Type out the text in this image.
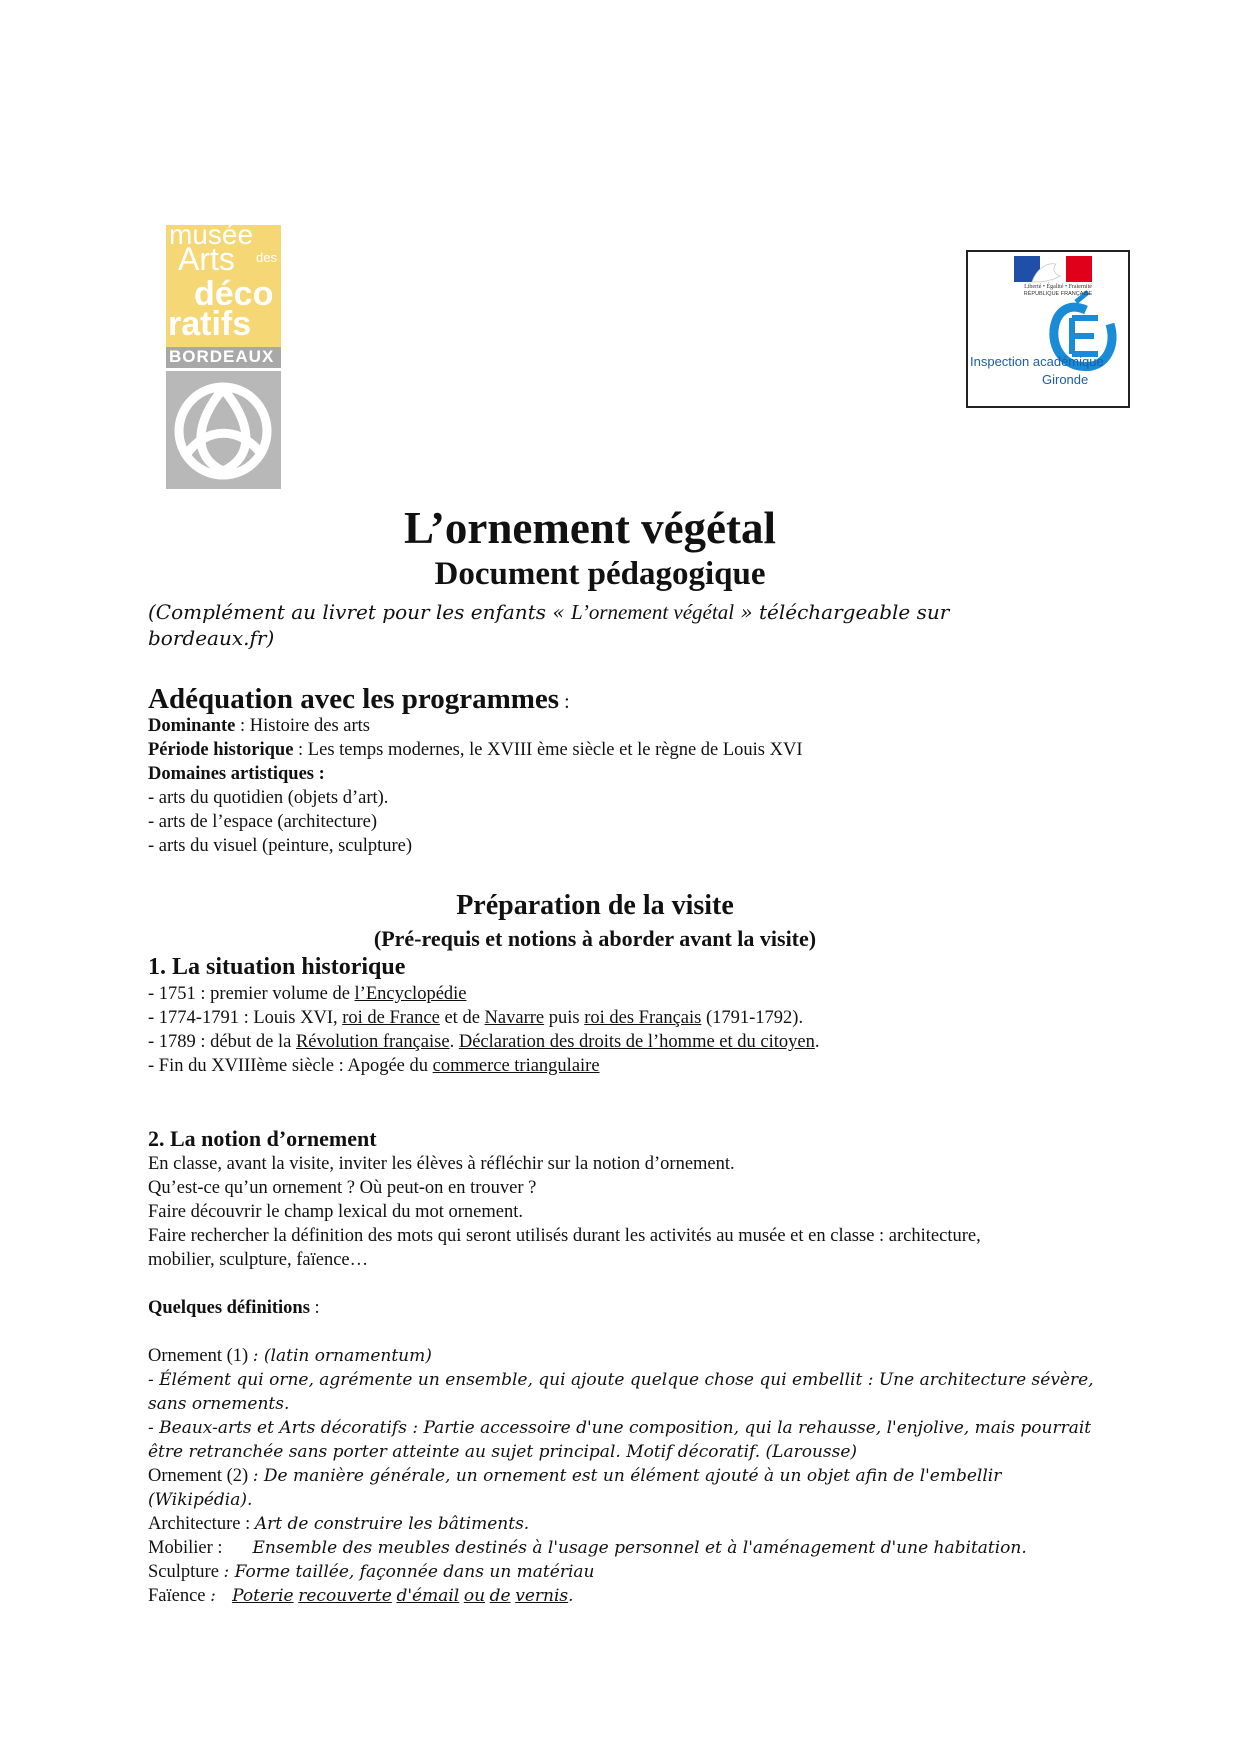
musée
Arts des
déco
ratifs
BORDEAUX
Liberté • Égalité • Fraternité
RÉPUBLIQUE FRANÇAISE
Inspection académique
Gironde
L’ornement végétal
Document pédagogique
(Complément au livret pour les enfants « L’ornement végétal » téléchargeable sur
bordeaux.fr)
Adéquation avec les programmes :
Dominante : Histoire des arts
Période historique : Les temps modernes, le XVIII ème siècle et le règne de Louis XVI
Domaines artistiques :
- arts du quotidien (objets d’art).
- arts de l’espace (architecture)
- arts du visuel (peinture, sculpture)
Préparation de la visite
(Pré-requis et notions à aborder avant la visite)
1. La situation historique
- 1751 : premier volume de l’Encyclopédie
- 1774-1791 : Louis XVI, roi de France et de Navarre puis roi des Français (1791-1792).
- 1789 : début de la Révolution française. Déclaration des droits de l’homme et du citoyen.
- Fin du XVIIIème siècle : Apogée du commerce triangulaire
2. La notion d’ornement
En classe, avant la visite, inviter les élèves à réfléchir sur la notion d’ornement.
Qu’est-ce qu’un ornement ? Où peut-on en trouver ?
Faire découvrir le champ lexical du mot ornement.
Faire rechercher la définition des mots qui seront utilisés durant les activités au musée et en classe : architecture,
mobilier, sculpture, faïence…
Quelques définitions :
Ornement (1) : (latin ornamentum)
- Élément qui orne, agrémente un ensemble, qui ajoute quelque chose qui embellit : Une architecture sévère,
sans ornements.
- Beaux-arts et Arts décoratifs : Partie accessoire d'une composition, qui la rehausse, l'enjolive, mais pourrait
être retranchée sans porter atteinte au sujet principal. Motif décoratif. (Larousse)
Ornement (2) : De manière générale, un ornement est un élément ajouté à un objet afin de l'embellir
(Wikipédia).
Architecture : Art de construire les bâtiments.
Mobilier : Ensemble des meubles destinés à l'usage personnel et à l'aménagement d'une habitation.
Sculpture : Forme taillée, façonnée dans un matériau
Faïence :   Poterie recouverte d'émail ou de vernis.
